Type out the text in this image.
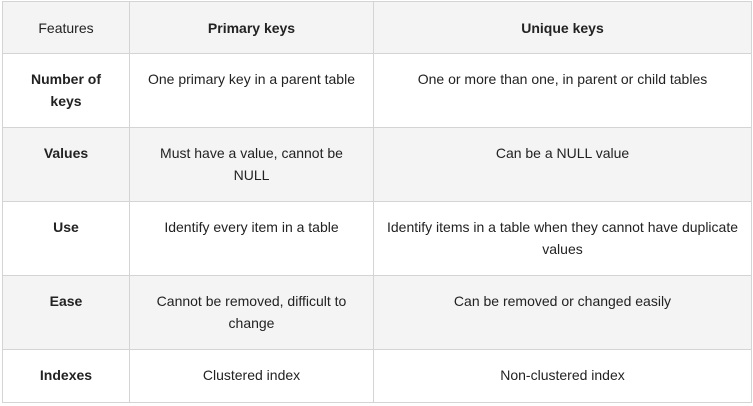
Features	Primary keys	Unique keys
Number of keys	One primary key in a parent table	One or more than one, in parent or child tables
Values	Must have a value, cannot be NULL	Can be a NULL value
Use	Identify every item in a table	Identify items in a table when they cannot have duplicate values
Ease	Cannot be removed, difficult to change	Can be removed or changed easily
Indexes	Clustered index	Non-clustered index
